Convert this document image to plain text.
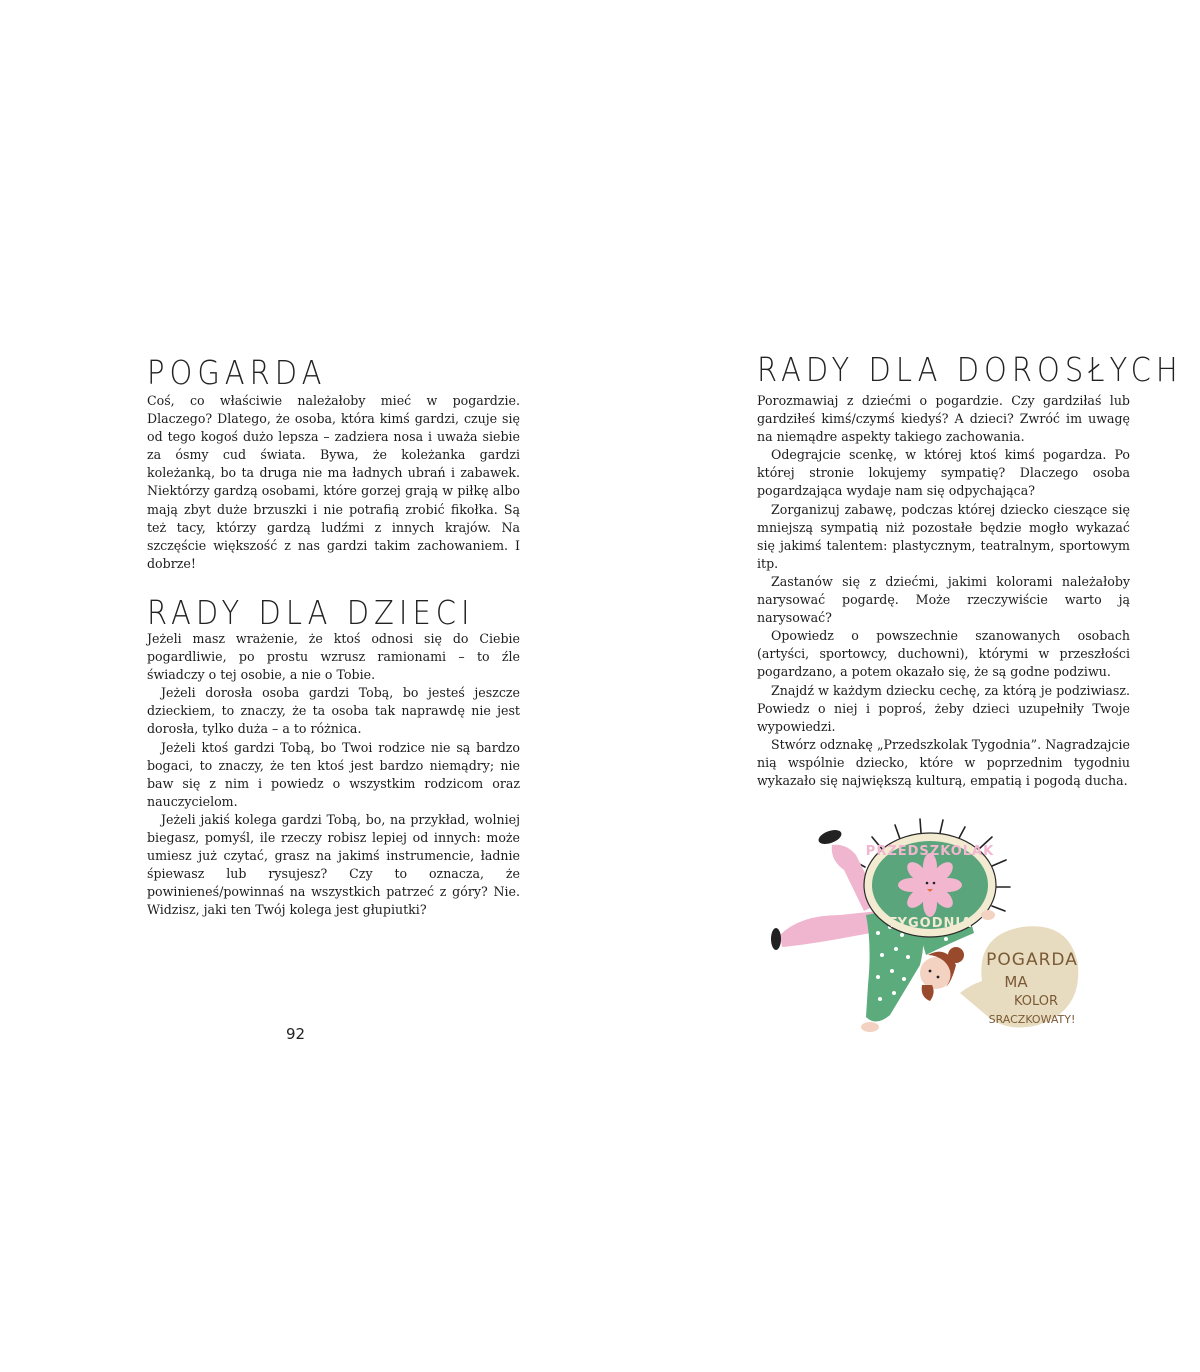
POGARDA

Coś, co właściwie należałoby mieć w pogardzie. Dlaczego? Dlatego, że osoba, która kimś gardzi, czuje się od tego kogoś dużo lepsza – zadziera nosa i uważa siebie za ósmy cud świata. Bywa, że koleżanka gardzi koleżanką, bo ta druga nie ma ładnych ubrań i zabawek. Niektórzy gardzą osobami, które gorzej grają w piłkę albo mają zbyt duże brzuszki i nie potrafią zrobić fikołka. Są też tacy, którzy gardzą ludźmi z innych krajów. Na szczęście większość z nas gardzi takim zachowaniem. I dobrze!

RADY DLA DZIECI

Jeżeli masz wrażenie, że ktoś odnosi się do Ciebie pogardliwie, po prostu wzrusz ramionami – to źle świadczy o tej osobie, a nie o Tobie.

Jeżeli dorosła osoba gardzi Tobą, bo jesteś jeszcze dzieckiem, to znaczy, że ta osoba tak naprawdę nie jest dorosła, tylko duża – a to różnica.

Jeżeli ktoś gardzi Tobą, bo Twoi rodzice nie są bardzo bogaci, to znaczy, że ten ktoś jest bardzo niemądry; nie baw się z nim i powiedz o wszystkim rodzicom oraz nauczycielom.

Jeżeli jakiś kolega gardzi Tobą, bo, na przykład, wolniej biegasz, pomyśl, ile rzeczy robisz lepiej od innych: może umiesz już czytać, grasz na jakimś instrumencie, ładnie śpiewasz lub rysujesz? Czy to oznacza, że powinieneś/powinnaś na wszystkich patrzeć z góry? Nie. Widzisz, jaki ten Twój kolega jest głupiutki?

92
RADY DLA DOROSŁYCH

Porozmawiaj z dziećmi o pogardzie. Czy gardziłaś lub gardziłeś kimś/czymś kiedyś? A dzieci? Zwróć im uwagę na niemądre aspekty takiego zachowania.

Odegrajcie scenkę, w której ktoś kimś pogardza. Po której stronie lokujemy sympatię? Dlaczego osoba pogardzająca wydaje nam się odpychająca?

Zorganizuj zabawę, podczas której dziecko cieszące się mniejszą sympatią niż pozostałe będzie mogło wykazać się jakimś talentem: plastycznym, teatralnym, sportowym itp.

Zastanów się z dziećmi, jakimi kolorami należałoby narysować pogardę. Może rzeczywiście warto ją narysować?

Opowiedz o powszechnie szanowanych osobach (artyści, sportowcy, duchowni), którymi w przeszłości pogardzano, a potem okazało się, że są godne podziwu.

Znajdź w każdym dziecku cechę, za którą je podziwiasz. Powiedz o niej i poproś, żeby dzieci uzupełniły Twoje wypowiedzi.

Stwórz odznakę „Przedszkolak Tygodnia”. Nagradzajcie nią wspólnie dziecko, które w poprzednim tygodniu wykazało się największą kulturą, empatią i pogodą ducha.

PRZEDSZKOLAK
TYGODNIA
POGARDA
MA
KOLOR
SRACZKOWATY!
